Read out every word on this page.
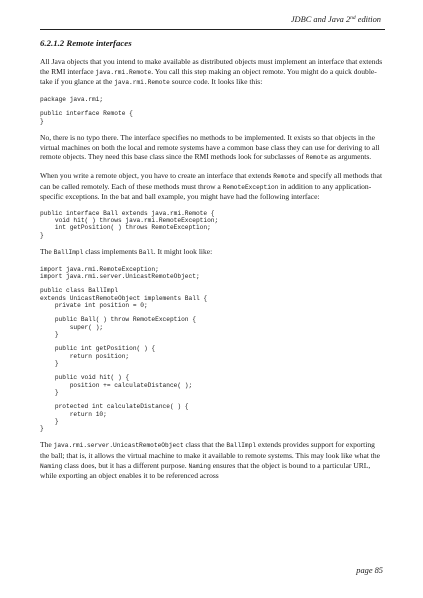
JDBC and Java 2nd edition
6.2.1.2 Remote interfaces

All Java objects that you intend to make available as distributed objects must implement an interface that extends the RMI interface java.rmi.Remote. You call this step making an object remote. You might do a quick double-take if you glance at the java.rmi.Remote source code. It looks like this:

package java.rmi;

public interface Remote {
}

No, there is no typo there. The interface specifies no methods to be implemented. It exists so that objects in the virtual machines on both the local and remote systems have a common base class they can use for deriving to all remote objects. They need this base class since the RMI methods look for subclasses of Remote as arguments.

When you write a remote object, you have to create an interface that extends Remote and specify all methods that can be called remotely. Each of these methods must throw a RemoteException in addition to any application-specific exceptions. In the bat and ball example, you might have had the following interface:

public interface Ball extends java.rmi.Remote {
void hit( ) throws java.rmi.RemoteException;
int getPosition( ) throws RemoteException;
}

The BallImpl class implements Ball. It might look like:

import java.rmi.RemoteException;
import java.rmi.server.UnicastRemoteObject;

public class BallImpl
extends UnicastRemoteObject implements Ball {
private int position = 0;

public Ball( ) throw RemoteException {
super( );
}

public int getPosition( ) {
return position;
}

public void hit( ) {
position += calculateDistance( );
}

protected int calculateDistance( ) {
return 10;
}
}

The java.rmi.server.UnicastRemoteObject class that the BallImpl extends provides support for exporting the ball; that is, it allows the virtual machine to make it available to remote systems. This may look like what the Naming class does, but it has a different purpose. Naming ensures that the object is bound to a particular URL, while exporting an object enables it to be referenced across

page 85
